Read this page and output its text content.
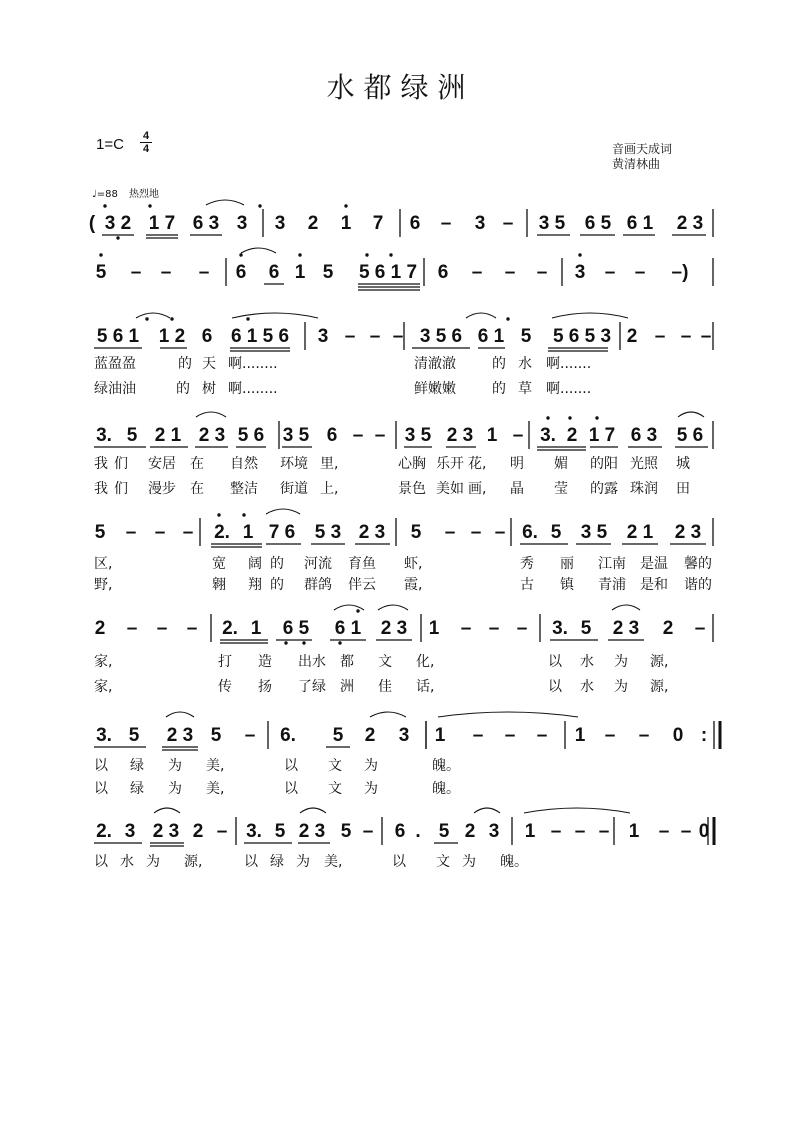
水 都 绿 洲
1=C	4
4	音画天成词
黄清林曲
♩=88 热烈地
( 3 2 1 7 6 3 3 3 2 1 7 6 – 3 – 3 5 6 5 6 1 2 3
5 – – – 6 6 1 5 5 6 1 7 6 – – – 3 – – –)
5 6 1 1 2 6 6 1 5 6 3 – – – 3 5 6 6 1 5 5 6 5 3 2 – – –
蓝盈盈	的 天 啊........	清澈澈	的 水 啊.......
绿油油	的 树 啊........	鲜嫩嫩	的 草 啊.......
3. 5 2 1 2 3 5 6 3 5 6 – – 3 5 2 3 1 – 3. 2 1 7 6 3 5 6
我 们 安居 在 自然 环境 里,	心胸 乐开 花, 明 媚 的阳 光照 城
我 们 漫步 在 整洁 街道 上,	景色 美如 画, 晶 莹 的露 珠润 田
5 – – – 2. 1 7 6 5 3 2 3 5 – – – 6. 5 3 5 2 1 2 3
区,	宽 阔 的 河流 育鱼 虾,	秀 丽 江南 是温 馨的
野,	翱 翔 的 群鸽 伴云 霞,	古 镇 青浦 是和 谐的
2 – – – 2. 1 6 5 6 1 2 3 1 – – – 3. 5 2 3 2 –
家,	打 造 出水 都 文 化,	以 水 为 源,
家,	传 扬 了绿 洲 佳 话,	以 水 为 源,
3. 5 2 3 5 – 6. 5 2 3 1 – – – 1 – – 0 :
以 绿 为 美,	以 文 为	魄。
以 绿 为 美,	以 文 为	魄。
2. 3 2 3 2 – 3. 5 2 3 5 – 6 . 5 2 3 1 – – – 1 – – 0
以 水 为 源,	以 绿 为 美,	以 文 为 魄。
